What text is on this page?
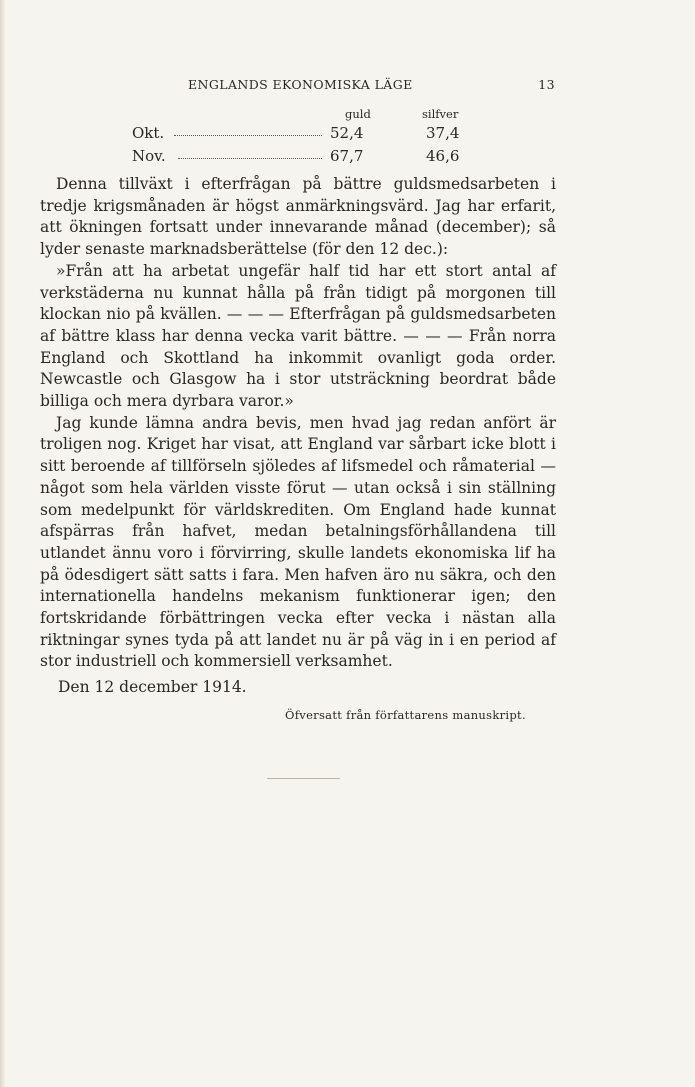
ENGLANDS EKONOMISKA LÄGE	13
guld	silfver
Okt.	52,4	37,4
Nov.	67,7	46,6

Denna tillväxt i efterfrågan på bättre guldsmedsarbeten i tredje krigsmånaden är högst anmärkningsvärd. Jag har erfarit, att ökningen fortsatt under innevarande månad (december); så lyder senaste marknadsberättelse (för den 12 dec.):

»Från att ha arbetat ungefär half tid har ett stort antal af verkstäderna nu kunnat hålla på från tidigt på morgonen till klockan nio på kvällen. — — — Efterfrågan på guldsmedsarbeten af bättre klass har denna vecka varit bättre. — — — Från norra England och Skottland ha inkommit ovanligt goda order. Newcastle och Glasgow ha i stor utsträckning beordrat både billiga och mera dyrbara varor.»

Jag kunde lämna andra bevis, men hvad jag redan anfört är troligen nog. Kriget har visat, att England var sårbart icke blott i sitt beroende af tillförseln sjöledes af lifsmedel och råmaterial — något som hela världen visste förut — utan också i sin ställning som medelpunkt för världskrediten. Om England hade kunnat afspärras från hafvet, medan betalningsförhållandena till utlandet ännu voro i förvirring, skulle landets ekonomiska lif ha på ödesdigert sätt satts i fara. Men hafven äro nu säkra, och den internationella handelns mekanism funktionerar igen; den fortskridande förbättringen vecka efter vecka i nästan alla riktningar synes tyda på att landet nu är på väg in i en period af stor industriell och kommersiell verksamhet.

Den 12 december 1914.
Öfversatt från författarens manuskript.
